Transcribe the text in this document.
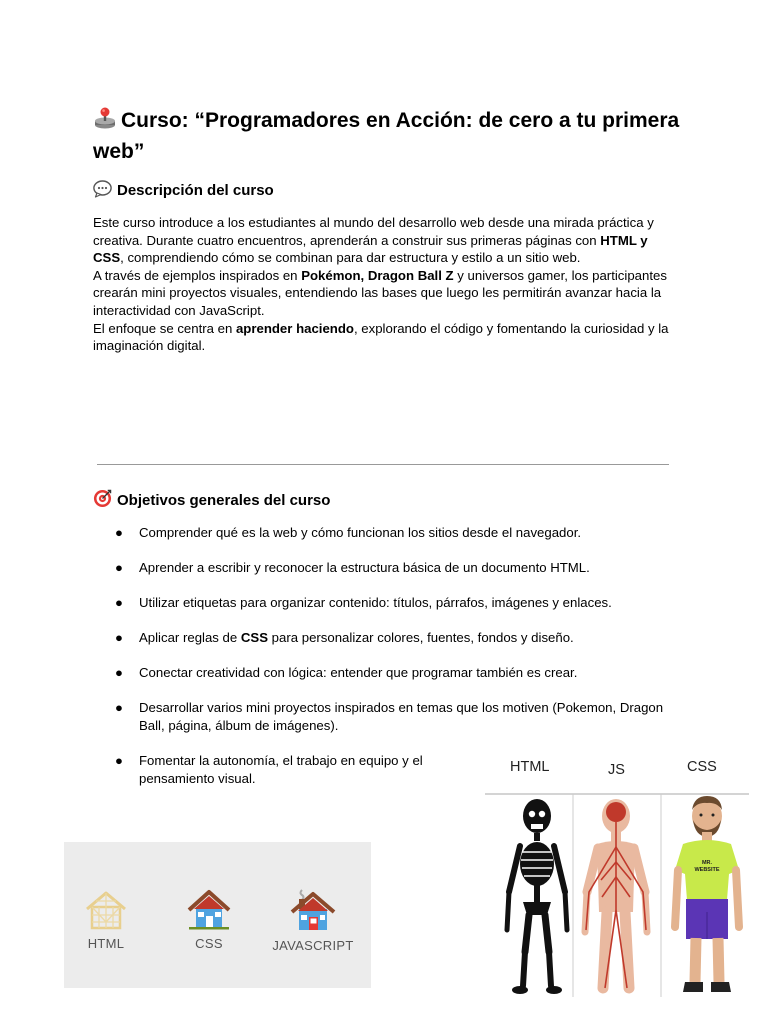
Curso: “Programadores en Acción: de cero a tu primera web”
Descripción del curso

Este curso introduce a los estudiantes al mundo del desarrollo web desde una mirada práctica y creativa. Durante cuatro encuentros, aprenderán a construir sus primeras páginas con HTML y CSS, comprendiendo cómo se combinan para dar estructura y estilo a un sitio web.

A través de ejemplos inspirados en Pokémon, Dragon Ball Z y universos gamer, los participantes crearán mini proyectos visuales, entendiendo las bases que luego les permitirán avanzar hacia la interactividad con JavaScript.

El enfoque se centra en aprender haciendo, explorando el código y fomentando la curiosidad y la imaginación digital.

Objetivos generales del curso
● Comprender qué es la web y cómo funcionan los sitios desde el navegador.
● Aprender a escribir y reconocer la estructura básica de un documento HTML.
● Utilizar etiquetas para organizar contenido: títulos, párrafos, imágenes y enlaces.
● Aplicar reglas de CSS para personalizar colores, fuentes, fondos y diseño.
● Conectar creatividad con lógica: entender que programar también es crear.
● Desarrollar varios mini proyectos inspirados en temas que los motiven (Pokemon, Dragon Ball, página, álbum de imágenes).
● Fomentar la autonomía, el trabajo en equipo y el pensamiento visual.
HTML	CSS	JAVASCRIPT
HTML	JS	CSS
MR.
WEBSITE
